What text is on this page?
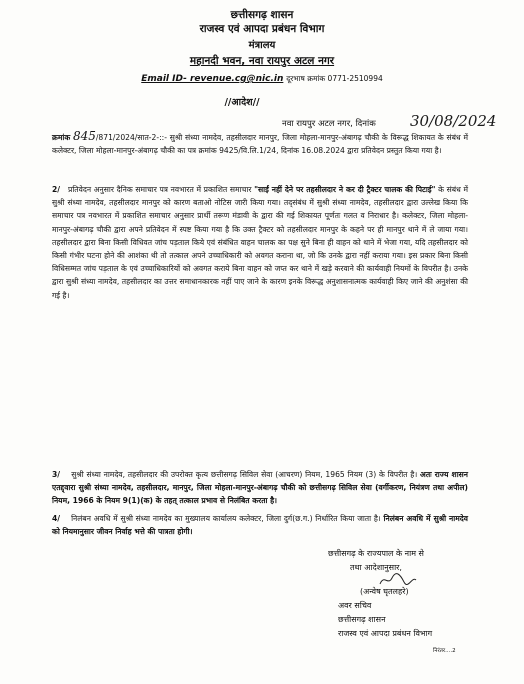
छत्तीसगढ़ शासन
राजस्व एवं आपदा प्रबंधन विभाग
मंत्रालय
महानदी भवन, नवा रायपुर अटल नगर
Email ID- revenue.cg@nic.in दूरभाष क्रमांक 0771-2510994
//आदेश//
नवा रायपुर अटल नगर, दिनांक 30/08/2024
क्रमांक 845/871/2024/सात-2-::- सुश्री संध्या नामदेव, तहसीलदार मानपुर, जिला मोहला-मानपुर-अंबागढ़ चौकी के विरूद्ध शिकायत के संबंध में कलेक्टर, जिला मोहला-मानपुर-अंबागढ़ चौकी का पत्र क्रमांक 9425/वि.लि.1/24, दिनांक 16.08.2024 द्वारा प्रतिवेदन प्रस्तुत किया गया है।
2/ प्रतिवेदन अनुसार दैनिक समाचार पत्र नवभारत में प्रकाशित समाचार "साईं नहीं देने पर तहसीलदार ने कर दी ट्रैक्टर चालक की पिटाई" के संबंध में सुश्री संध्या नामदेव, तहसीलदार मानपुर को कारण बताओ नोटिस जारी किया गया। तद्संबंध में सुश्री संध्या नामदेव, तहसीलदार द्वारा उल्लेख किया कि समाचार पत्र नवभारत में प्रकाशित समाचार अनुसार प्रार्थी तरूण मंडावी के द्वारा की गई शिकायत पूर्णतः गलत व निराधार है। कलेक्टर, जिला मोहला-मानपुर-अंबागढ़ चौकी द्वारा अपने प्रतिवेदन में स्पष्ट किया गया है कि उक्त ट्रैक्टर को तहसीलदार मानपुर के कहने पर ही मानपुर थाने में ले जाया गया। तहसीलदार द्वारा बिना किसी विधिवत जांच पड़ताल किये एवं संबंधित वाहन चालक का पक्ष सुने बिना ही वाहन को थाने में भेजा गया, यदि तहसीलदार को किसी गंभीर घटना होने की आशंका थी तो तत्काल अपने उच्चाधिकारी को अवगत कराना था, जो कि उनके द्वारा नहीं कराया गया। इस प्रकार बिना किसी विधिसम्मत जांच पड़ताल के एवं उच्चाधिकारियों को अवगत कराये बिना वाहन को जप्त कर थाने में खड़े करवाने की कार्यवाही नियमों के विपरीत है। उनके द्वारा सुश्री संध्या नामदेव, तहसीलदार का उत्तर समाधानकारक नहीं पाए जाने के कारण इनके विरूद्ध अनुशासनात्मक कार्यवाही किए जाने की अनुशंसा की गई है।
3/ सुश्री संध्या नामदेव, तहसीलदार की उपरोक्त कृत्य छत्तीसगढ़ सिविल सेवा (आचरण) नियम, 1965 नियम (3) के विपरीत है। अतः राज्य शासन एतद्द्वारा सुश्री संध्या नामदेव, तहसीलदार, मानपुर, जिला मोहला-मानपुर-अंबागढ़ चौकी को छत्तीसगढ़ सिविल सेवा (वर्गीकरण, नियंत्रण तथा अपील) नियम, 1966 के नियम 9(1)(क) के तहत् तत्काल प्रभाव से निलंबित करता है।
4/ निलंबन अवधि में सुश्री संध्या नामदेव का मुख्यालय कार्यालय कलेक्टर, जिला दुर्ग(छ.ग.) निर्धारित किया जाता है। निलंबन अवधि में सुश्री नामदेव को नियमानुसार जीवन निर्वाह भत्ते की पात्रता होगी।
छत्तीसगढ़ के राज्यपाल के नाम से
तथा आदेशानुसार,
(अन्वेष घृतलहरे)
अवर सचिव
छत्तीसगढ़ शासन
राजस्व एवं आपदा प्रबंधन विभाग
निरंतर....2
